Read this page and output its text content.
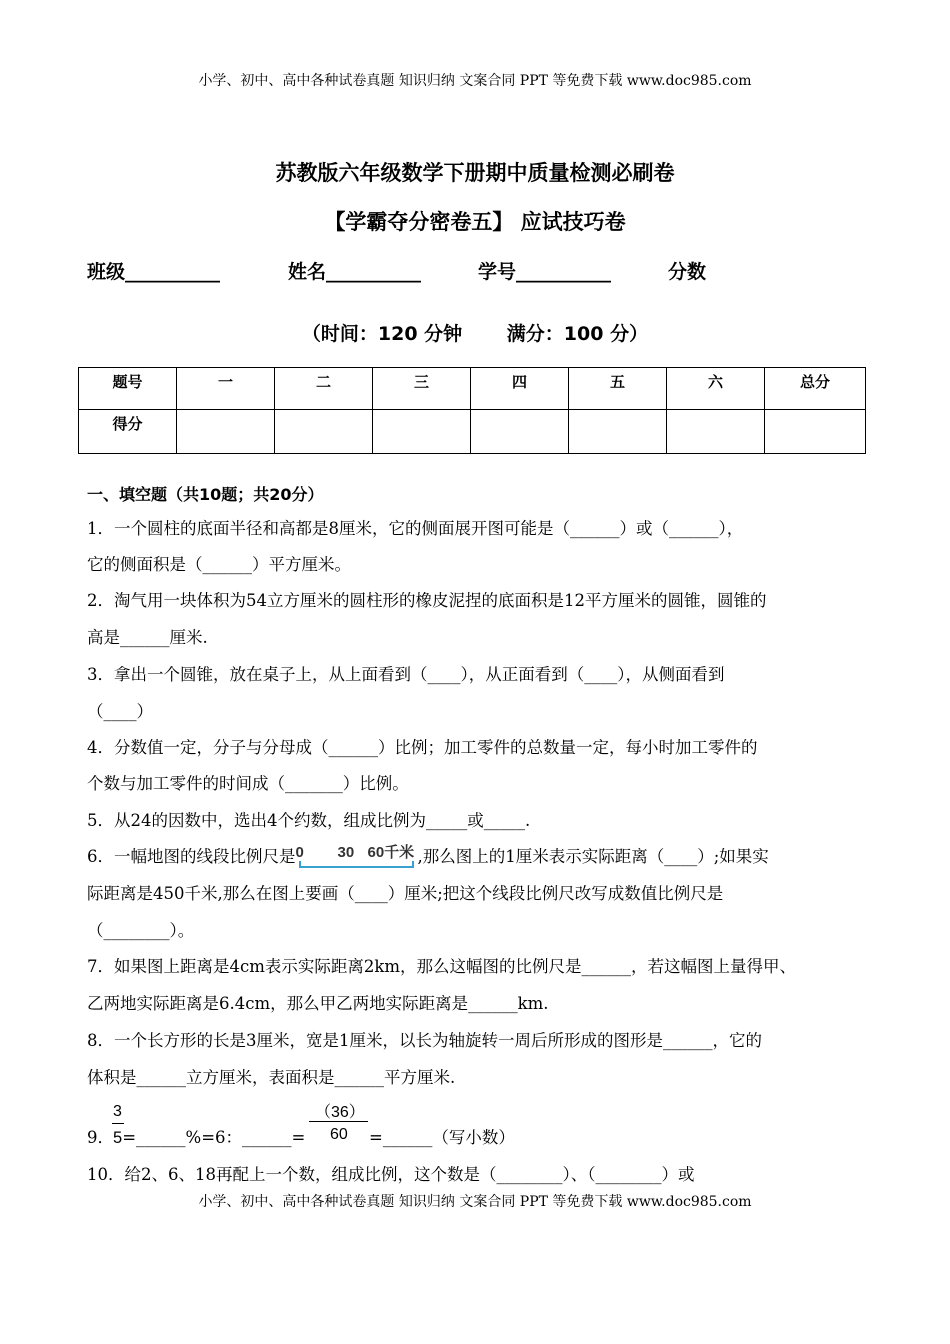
小学、初中、高中各种试卷真题 知识归纳 文案合同 PPT 等免费下载 www.doc985.com
苏教版六年级数学下册期中质量检测必刷卷
【学霸夺分密卷五】 应试技巧卷
班级__________	姓名__________	学号__________	分数
（时间：120 分钟　　 满分：100 分）
题号	一	二	三	四	五	六	总分
得分							
一、填空题（共10题；共20分）
1．一个圆柱的底面半径和高都是8厘米，它的侧面展开图可能是（______）或（______），
它的侧面积是（______）平方厘米。
2．淘气用一块体积为54立方厘米的圆柱形的橡皮泥捏的底面积是12平方厘米的圆锥，圆锥的
高是______厘米.
3．拿出一个圆锥，放在桌子上，从上面看到（____），从正面看到（____），从侧面看到
（____）
4．分数值一定，分子与分母成（______）比例；加工零件的总数量一定，每小时加工零件的
个数与加工零件的时间成（_______）比例。
5．从24的因数中，选出4个约数，组成比例为_____或_____.
6．一幅地图的线段比例尺是 0 30 60千米 ,那么图上的1厘米表示实际距离（____）;如果实
际距离是450千米,那么在图上要画（____）厘米;把这个线段比例尺改写成数值比例尺是
（________）。
7．如果图上距离是4cm表示实际距离2km，那么这幅图的比例尺是______，若这幅图上量得甲、
乙两地实际距离是6.4cm，那么甲乙两地实际距离是______km.
8．一个长方形的长是3厘米，宽是1厘米，以长为轴旋转一周后所形成的图形是______，它的
体积是______立方厘米，表面积是______平方厘米.
9．
3
5=______%=6：______=
（36）
60 =______（写小数）
10．给2、6、18再配上一个数，组成比例，这个数是（________）、（________）或
小学、初中、高中各种试卷真题 知识归纳 文案合同 PPT 等免费下载 www.doc985.com
